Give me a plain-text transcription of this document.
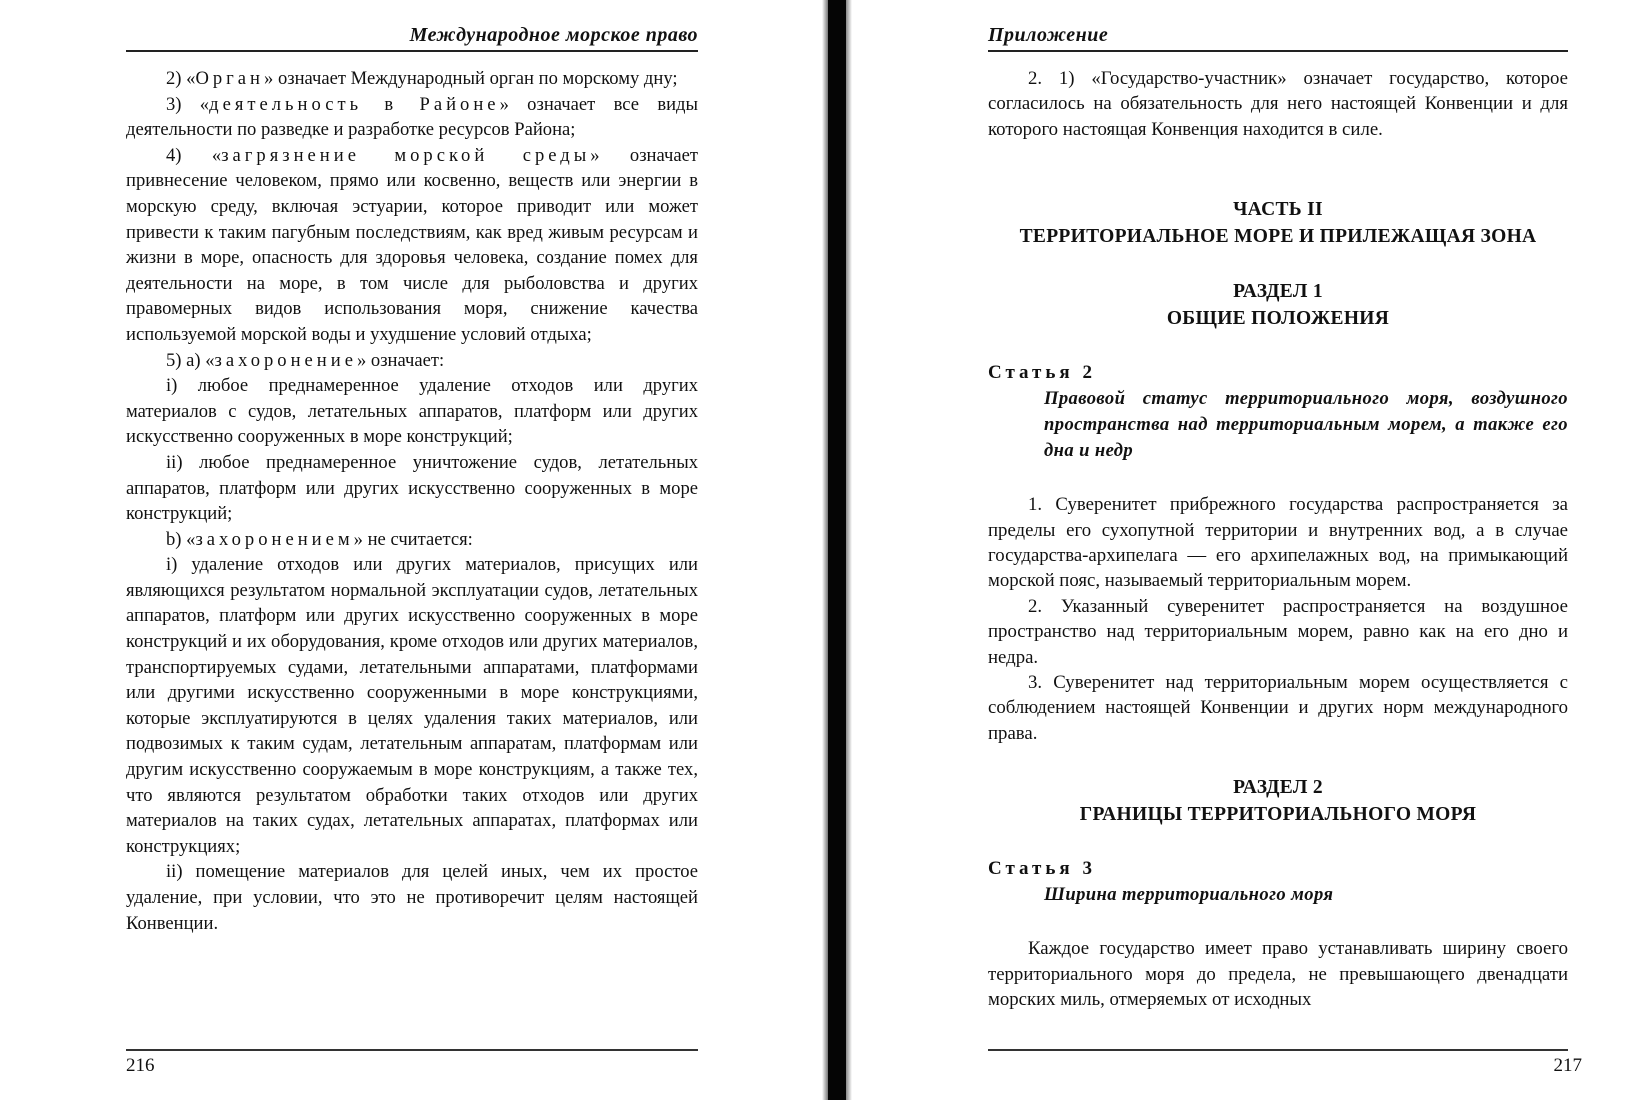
Международное морское право

2) «Орган» означает Международный орган по морскому дну;

3) «деятельность в Районе» означает все виды деятельности по разведке и разработке ресурсов Района;

4) «загрязнение морской среды» означает привнесение человеком, прямо или косвенно, веществ или энергии в морскую среду, включая эстуарии, которое приводит или может привести к таким пагубным последствиям, как вред живым ресурсам и жизни в море, опасность для здоровья человека, создание помех для деятельности на море, в том числе для рыболовства и других правомерных видов использования моря, снижение качества используемой морской воды и ухудшение условий отдыха;

5) а) «захоронение» означает:

i) любое преднамеренное удаление отходов или других материалов с судов, летательных аппаратов, платформ или других искусственно сооруженных в море конструкций;

ii) любое преднамеренное уничтожение судов, летательных аппаратов, платформ или других искусственно сооруженных в море конструкций;

b) «захоронением» не считается:

i) удаление отходов или других материалов, присущих или являющихся результатом нормальной эксплуатации судов, летательных аппаратов, платформ или других искусственно сооруженных в море конструкций и их оборудования, кроме отходов или других материалов, транспортируемых судами, летательными аппаратами, платформами или другими искусственно сооруженными в море конструкциями, которые эксплуатируются в целях удаления таких материалов, или подвозимых к таким судам, летательным аппаратам, платформам или другим искусственно сооружаемым в море конструкциям, а также тех, что являются результатом обработки таких отходов или других материалов на таких судах, летательных аппаратах, платформах или конструкциях;

ii) помещение материалов для целей иных, чем их простое удаление, при условии, что это не противоречит целям настоящей Конвенции.

216
Приложение

2. 1) «Государство-участник» означает государство, которое согласилось на обязательность для него настоящей Конвенции и для которого настоящая Конвенция находится в силе.

ЧАСТЬ II

ТЕРРИТОРИАЛЬНОЕ МОРЕ И ПРИЛЕЖАЩАЯ ЗОНА

РАЗДЕЛ 1

ОБЩИЕ ПОЛОЖЕНИЯ

Статья 2

Правовой статус территориального моря, воздушного пространства над территориальным морем, а также его дна и недр

1. Суверенитет прибрежного государства распространяется за пределы его сухопутной территории и внутренних вод, а в случае государства-архипелага — его архипелажных вод, на примыкающий морской пояс, называемый территориальным морем.

2. Указанный суверенитет распространяется на воздушное пространство над территориальным морем, равно как на его дно и недра.

3. Суверенитет над территориальным морем осуществляется с соблюдением настоящей Конвенции и других норм международного права.

РАЗДЕЛ 2

ГРАНИЦЫ ТЕРРИТОРИАЛЬНОГО МОРЯ

Статья 3

Ширина территориального моря

Каждое государство имеет право устанавливать ширину своего территориального моря до предела, не превышающего двенадцати морских миль, отмеряемых от исходных

217
